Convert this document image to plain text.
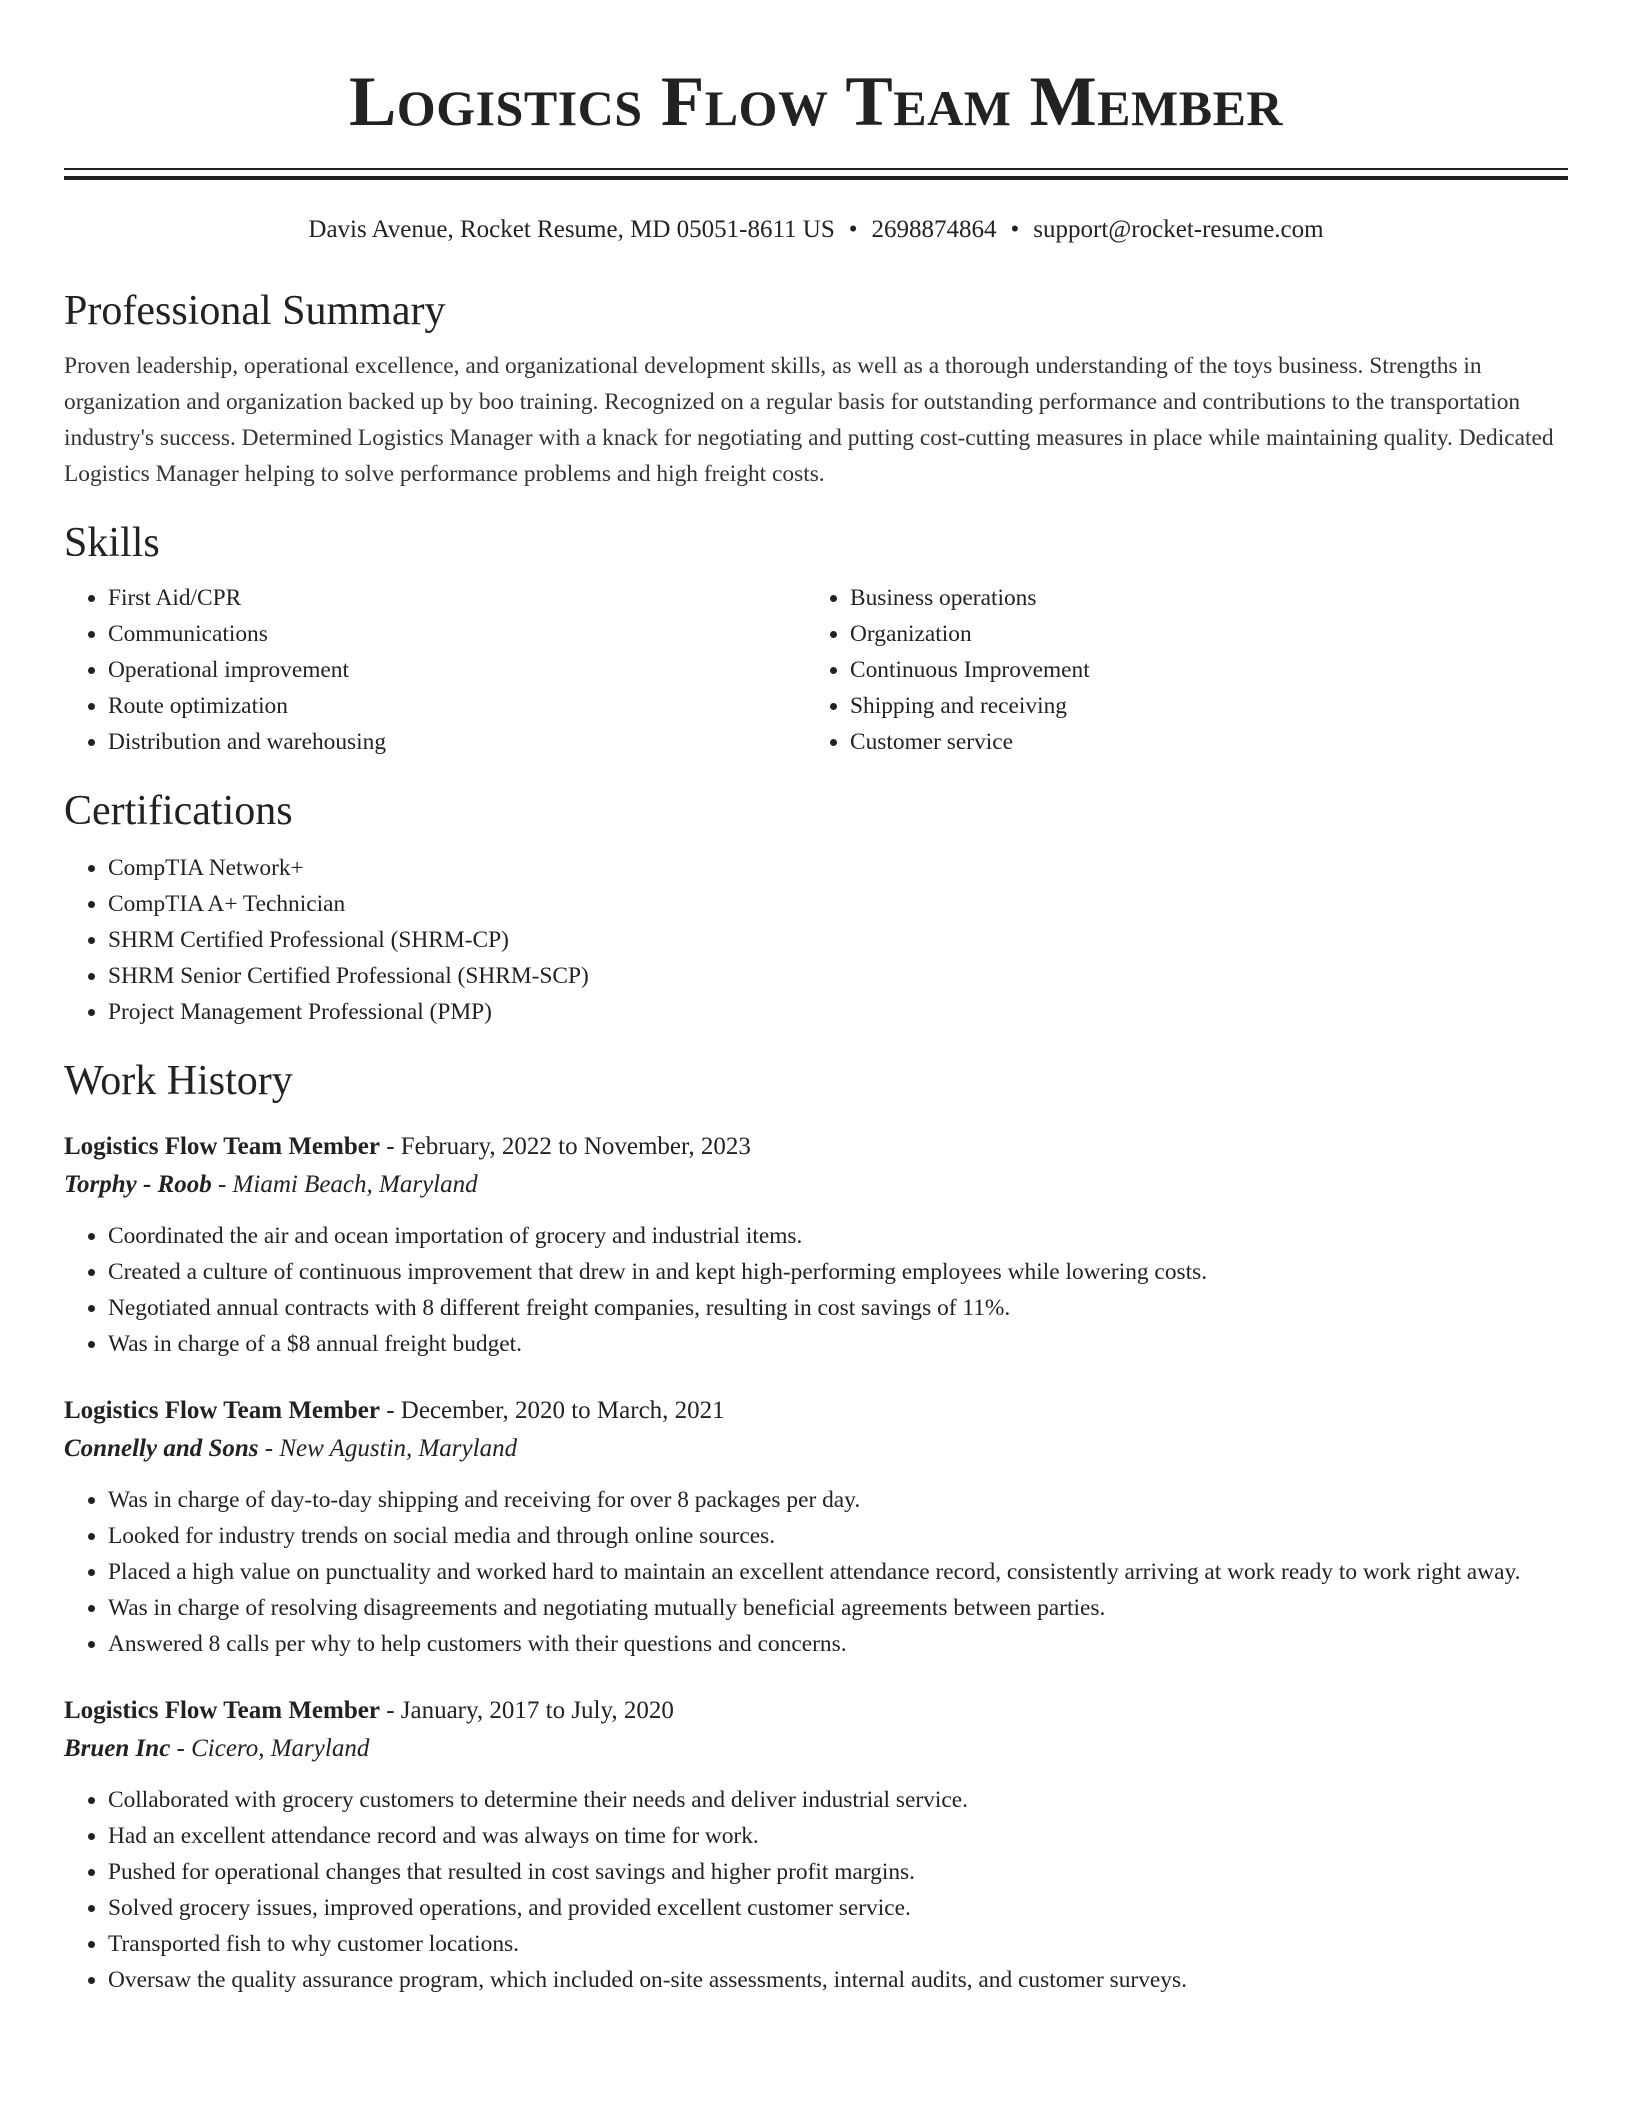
Logistics Flow Team Member
Davis Avenue, Rocket Resume, MD 05051-8611 US • 2698874864 • support@rocket-resume.com
Professional Summary

Proven leadership, operational excellence, and organizational development skills, as well as a thorough understanding of the toys business. Strengths in organization and organization backed up by boo training. Recognized on a regular basis for outstanding performance and contributions to the transportation industry's success. Determined Logistics Manager with a knack for negotiating and putting cost-cutting measures in place while maintaining quality. Dedicated Logistics Manager helping to solve performance problems and high freight costs.

Skills
• First Aid/CPR
• Communications
• Operational improvement
• Route optimization
• Distribution and warehousing
• Business operations
• Organization
• Continuous Improvement
• Shipping and receiving
• Customer service
Certifications
• CompTIA Network+
• CompTIA A+ Technician
• SHRM Certified Professional (SHRM-CP)
• SHRM Senior Certified Professional (SHRM-SCP)
• Project Management Professional (PMP)
Work History
Logistics Flow Team Member - February, 2022 to November, 2023
Torphy - Roob - Miami Beach, Maryland
• Coordinated the air and ocean importation of grocery and industrial items.
• Created a culture of continuous improvement that drew in and kept high-performing employees while lowering costs.
• Negotiated annual contracts with 8 different freight companies, resulting in cost savings of 11%.
• Was in charge of a $8 annual freight budget.
Logistics Flow Team Member - December, 2020 to March, 2021
Connelly and Sons - New Agustin, Maryland
• Was in charge of day-to-day shipping and receiving for over 8 packages per day.
• Looked for industry trends on social media and through online sources.
• Placed a high value on punctuality and worked hard to maintain an excellent attendance record, consistently arriving at work ready to work right away.
• Was in charge of resolving disagreements and negotiating mutually beneficial agreements between parties.
• Answered 8 calls per why to help customers with their questions and concerns.
Logistics Flow Team Member - January, 2017 to July, 2020
Bruen Inc - Cicero, Maryland
• Collaborated with grocery customers to determine their needs and deliver industrial service.
• Had an excellent attendance record and was always on time for work.
• Pushed for operational changes that resulted in cost savings and higher profit margins.
• Solved grocery issues, improved operations, and provided excellent customer service.
• Transported fish to why customer locations.
• Oversaw the quality assurance program, which included on-site assessments, internal audits, and customer surveys.
